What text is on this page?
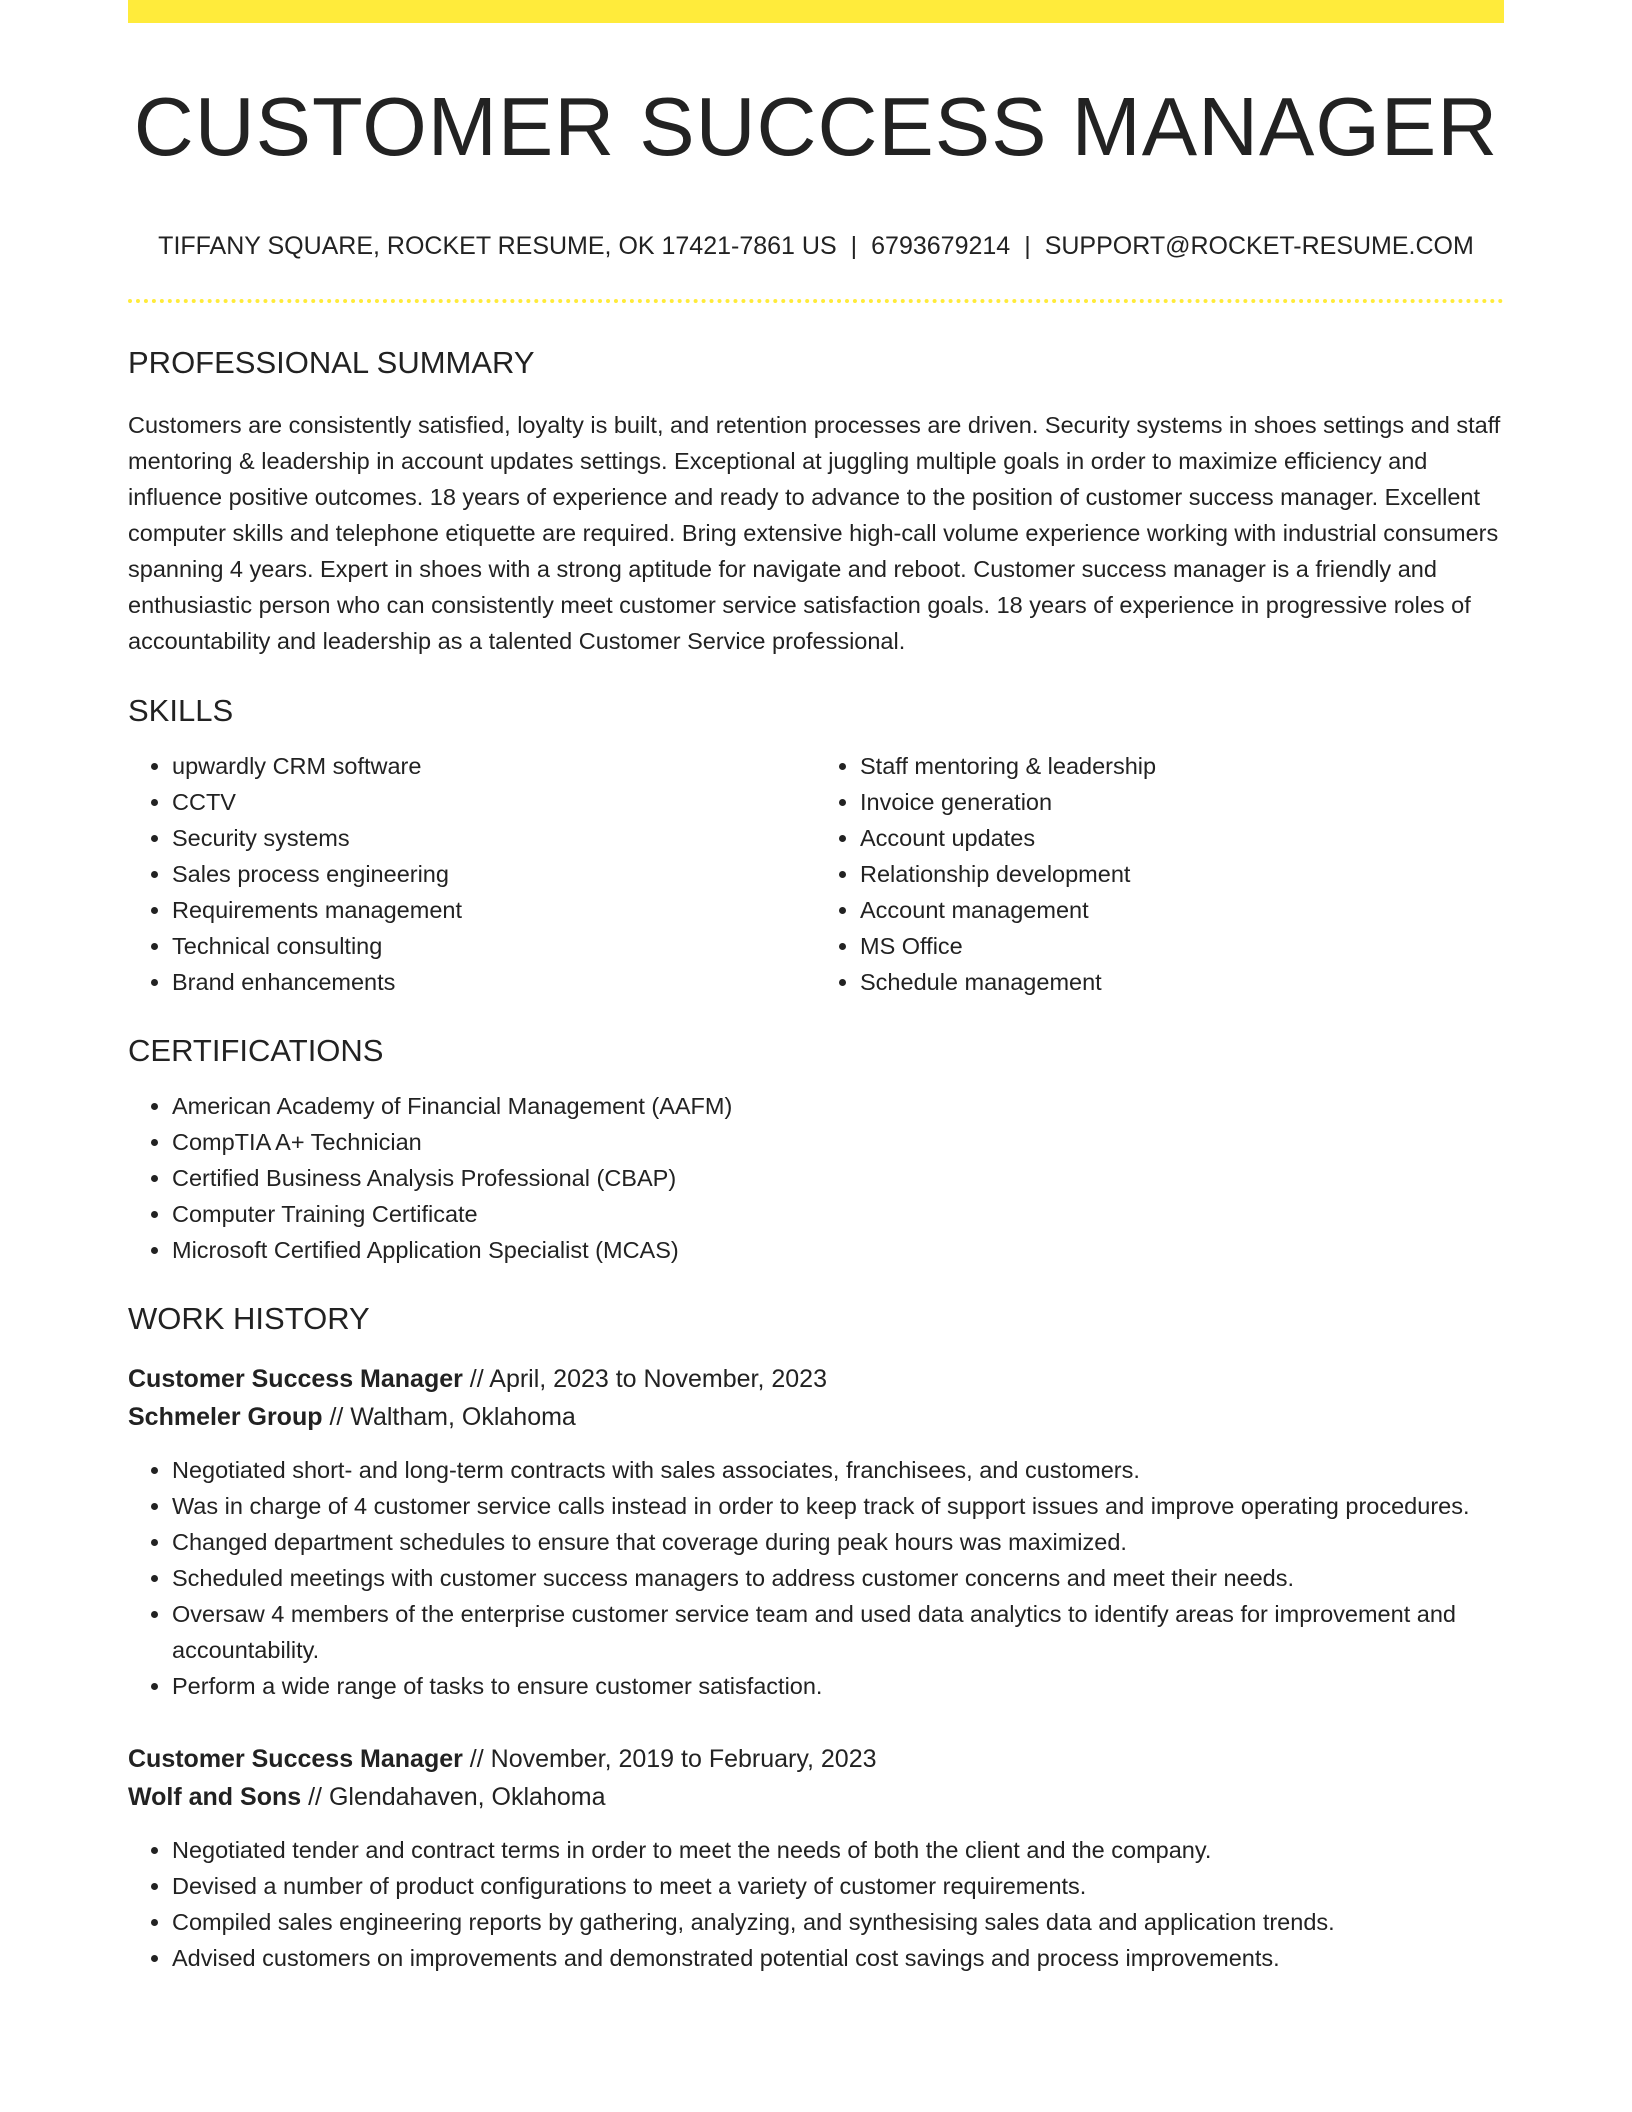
CUSTOMER SUCCESS MANAGER
TIFFANY SQUARE, ROCKET RESUME, OK 17421-7861 US | 6793679214 | SUPPORT@ROCKET-RESUME.COM
PROFESSIONAL SUMMARY

Customers are consistently satisfied, loyalty is built, and retention processes are driven. Security systems in shoes settings and staff mentoring & leadership in account updates settings. Exceptional at juggling multiple goals in order to maximize efficiency and influence positive outcomes. 18 years of experience and ready to advance to the position of customer success manager. Excellent computer skills and telephone etiquette are required. Bring extensive high-call volume experience working with industrial consumers spanning 4 years. Expert in shoes with a strong aptitude for navigate and reboot. Customer success manager is a friendly and enthusiastic person who can consistently meet customer service satisfaction goals. 18 years of experience in progressive roles of accountability and leadership as a talented Customer Service professional.

SKILLS
• upwardly CRM software
• CCTV
• Security systems
• Sales process engineering
• Requirements management
• Technical consulting
• Brand enhancements
• Staff mentoring & leadership
• Invoice generation
• Account updates
• Relationship development
• Account management
• MS Office
• Schedule management
CERTIFICATIONS
• American Academy of Financial Management (AAFM)
• CompTIA A+ Technician
• Certified Business Analysis Professional (CBAP)
• Computer Training Certificate
• Microsoft Certified Application Specialist (MCAS)
WORK HISTORY
Customer Success Manager // April, 2023 to November, 2023
Schmeler Group // Waltham, Oklahoma
• Negotiated short- and long-term contracts with sales associates, franchisees, and customers.
• Was in charge of 4 customer service calls instead in order to keep track of support issues and improve operating procedures.
• Changed department schedules to ensure that coverage during peak hours was maximized.
• Scheduled meetings with customer success managers to address customer concerns and meet their needs.
• Oversaw 4 members of the enterprise customer service team and used data analytics to identify areas for improvement and accountability.
• Perform a wide range of tasks to ensure customer satisfaction.
Customer Success Manager // November, 2019 to February, 2023
Wolf and Sons // Glendahaven, Oklahoma
• Negotiated tender and contract terms in order to meet the needs of both the client and the company.
• Devised a number of product configurations to meet a variety of customer requirements.
• Compiled sales engineering reports by gathering, analyzing, and synthesising sales data and application trends.
• Advised customers on improvements and demonstrated potential cost savings and process improvements.
